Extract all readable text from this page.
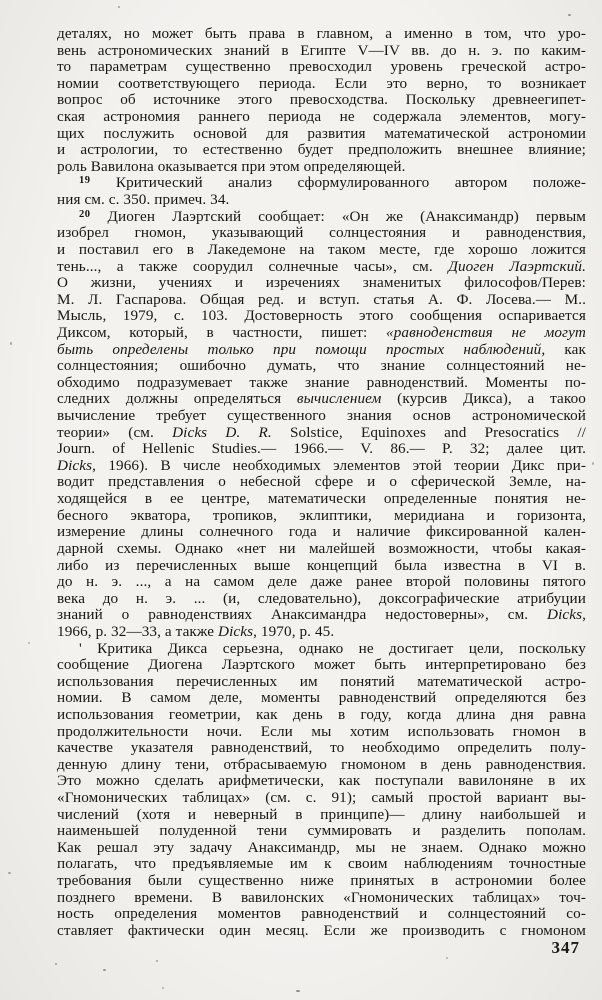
деталях, но может быть права в главном, а именно в том, что уро-
вень астрономических знаний в Египте V—IV вв. до н. э. по каким-
то параметрам существенно превосходил уровень греческой астро-
номии соответствующего периода. Если это верно, то возникает
вопрос об источнике этого превосходства. Поскольку древнеегипет-
ская астрономия раннего периода не содержала элементов, могу-
щих послужить основой для развития математической астрономии
и астрологии, то естественно будет предположить внешнее влияние;
роль Вавилона оказывается при этом определяющей.
$^{19}$ Критический анализ сформулированного автором положе-
ния см. с. 350. примеч. 34.
$^{20}$ Диоген Лаэртский сообщает: «Он же (Анаксимандр) первым
изобрел гномон, указывающий солнцестояния и равноденствия,
и поставил его в Лакедемоне на таком месте, где хорошо ложится
тень..., а также соорудил солнечные часы», см. Диоген Лаэртский.
О жизни, учениях и изречениях знаменитых философов/Перев:
М. Л. Гаспарова. Общая ред. и вступ. статья А. Ф. Лосева.— М..
Мысль, 1979, с. 103. Достоверность этого сообщения оспаривается
Диксом, который, в частности, пишет: «равноденствия не могут
быть определены только при помощи простых наблюдений, как
солнцестояния; ошибочно думать, что знание солнцестояний не-
обходимо подразумевает также знание равноденствий. Моменты по-
следних должны определяться вычислением (курсив Дикса), а такоо
вычисление требует существенного знания основ астрономической
теории» (см. Dicks D. R. Solstice, Equinoxes and Presocratics //
Journ. of Hellenic Studies.— 1966.— V. 86.— P. 32; далее цит.
Dicks, 1966). В числе необходимых элементов этой теории Дикс при-
водит представления о небесной сфере и о сферической Земле, на-
ходящейся в ее центре, математически определенные понятия не-
бесного экватора, тропиков, эклиптики, меридиана и горизонта,
измерение длины солнечного года и наличие фиксированной кален-
дарной схемы. Однако «нет ни малейшей возможности, чтобы какая-
либо из перечисленных выше концепций была известна в VI в.
до н. э. ..., а на самом деле даже ранее второй половины пятого
века до н. э. ... (и, следовательно), доксографические атрибуции
знаний о равноденствиях Анаксимандра недостоверны», см. Dicks,
1966, p. 32—33, а также Dicks, 1970, p. 45.
' Критика Дикса серьезна, однако не достигает цели, поскольку
сообщение Диогена Лаэртского может быть интерпретировано без
использования перечисленных им понятий математической астро-
номии. В самом деле, моменты равноденствий определяются без
использования геометрии, как день в году, когда длина дня равна
продолжительности ночи. Если мы хотим использовать гномон в
качестве указателя равноденствий, то необходимо определить полу-
денную длину тени, отбрасываемую гномоном в день равноденствия.
Это можно сделать арифметически, как поступали вавилоняне в их
«Гномонических таблицах» (см. с. 91); самый простой вариант вы-
числений (хотя и неверный в принципе)— длину наибольшей и
наименьшей полуденной тени суммировать и разделить пополам.
Как решал эту задачу Анаксимандр, мы не знаем. Однако можно
полагать, что предъявляемые им к своим наблюдениям точностные
требования были существенно ниже принятых в астрономии более
позднего времени. В вавилонских «Гномонических таблицах» точ-
ность определения моментов равноденствий и солнцестояний со-
ставляет фактически один месяц. Если же производить с гномоном
347
